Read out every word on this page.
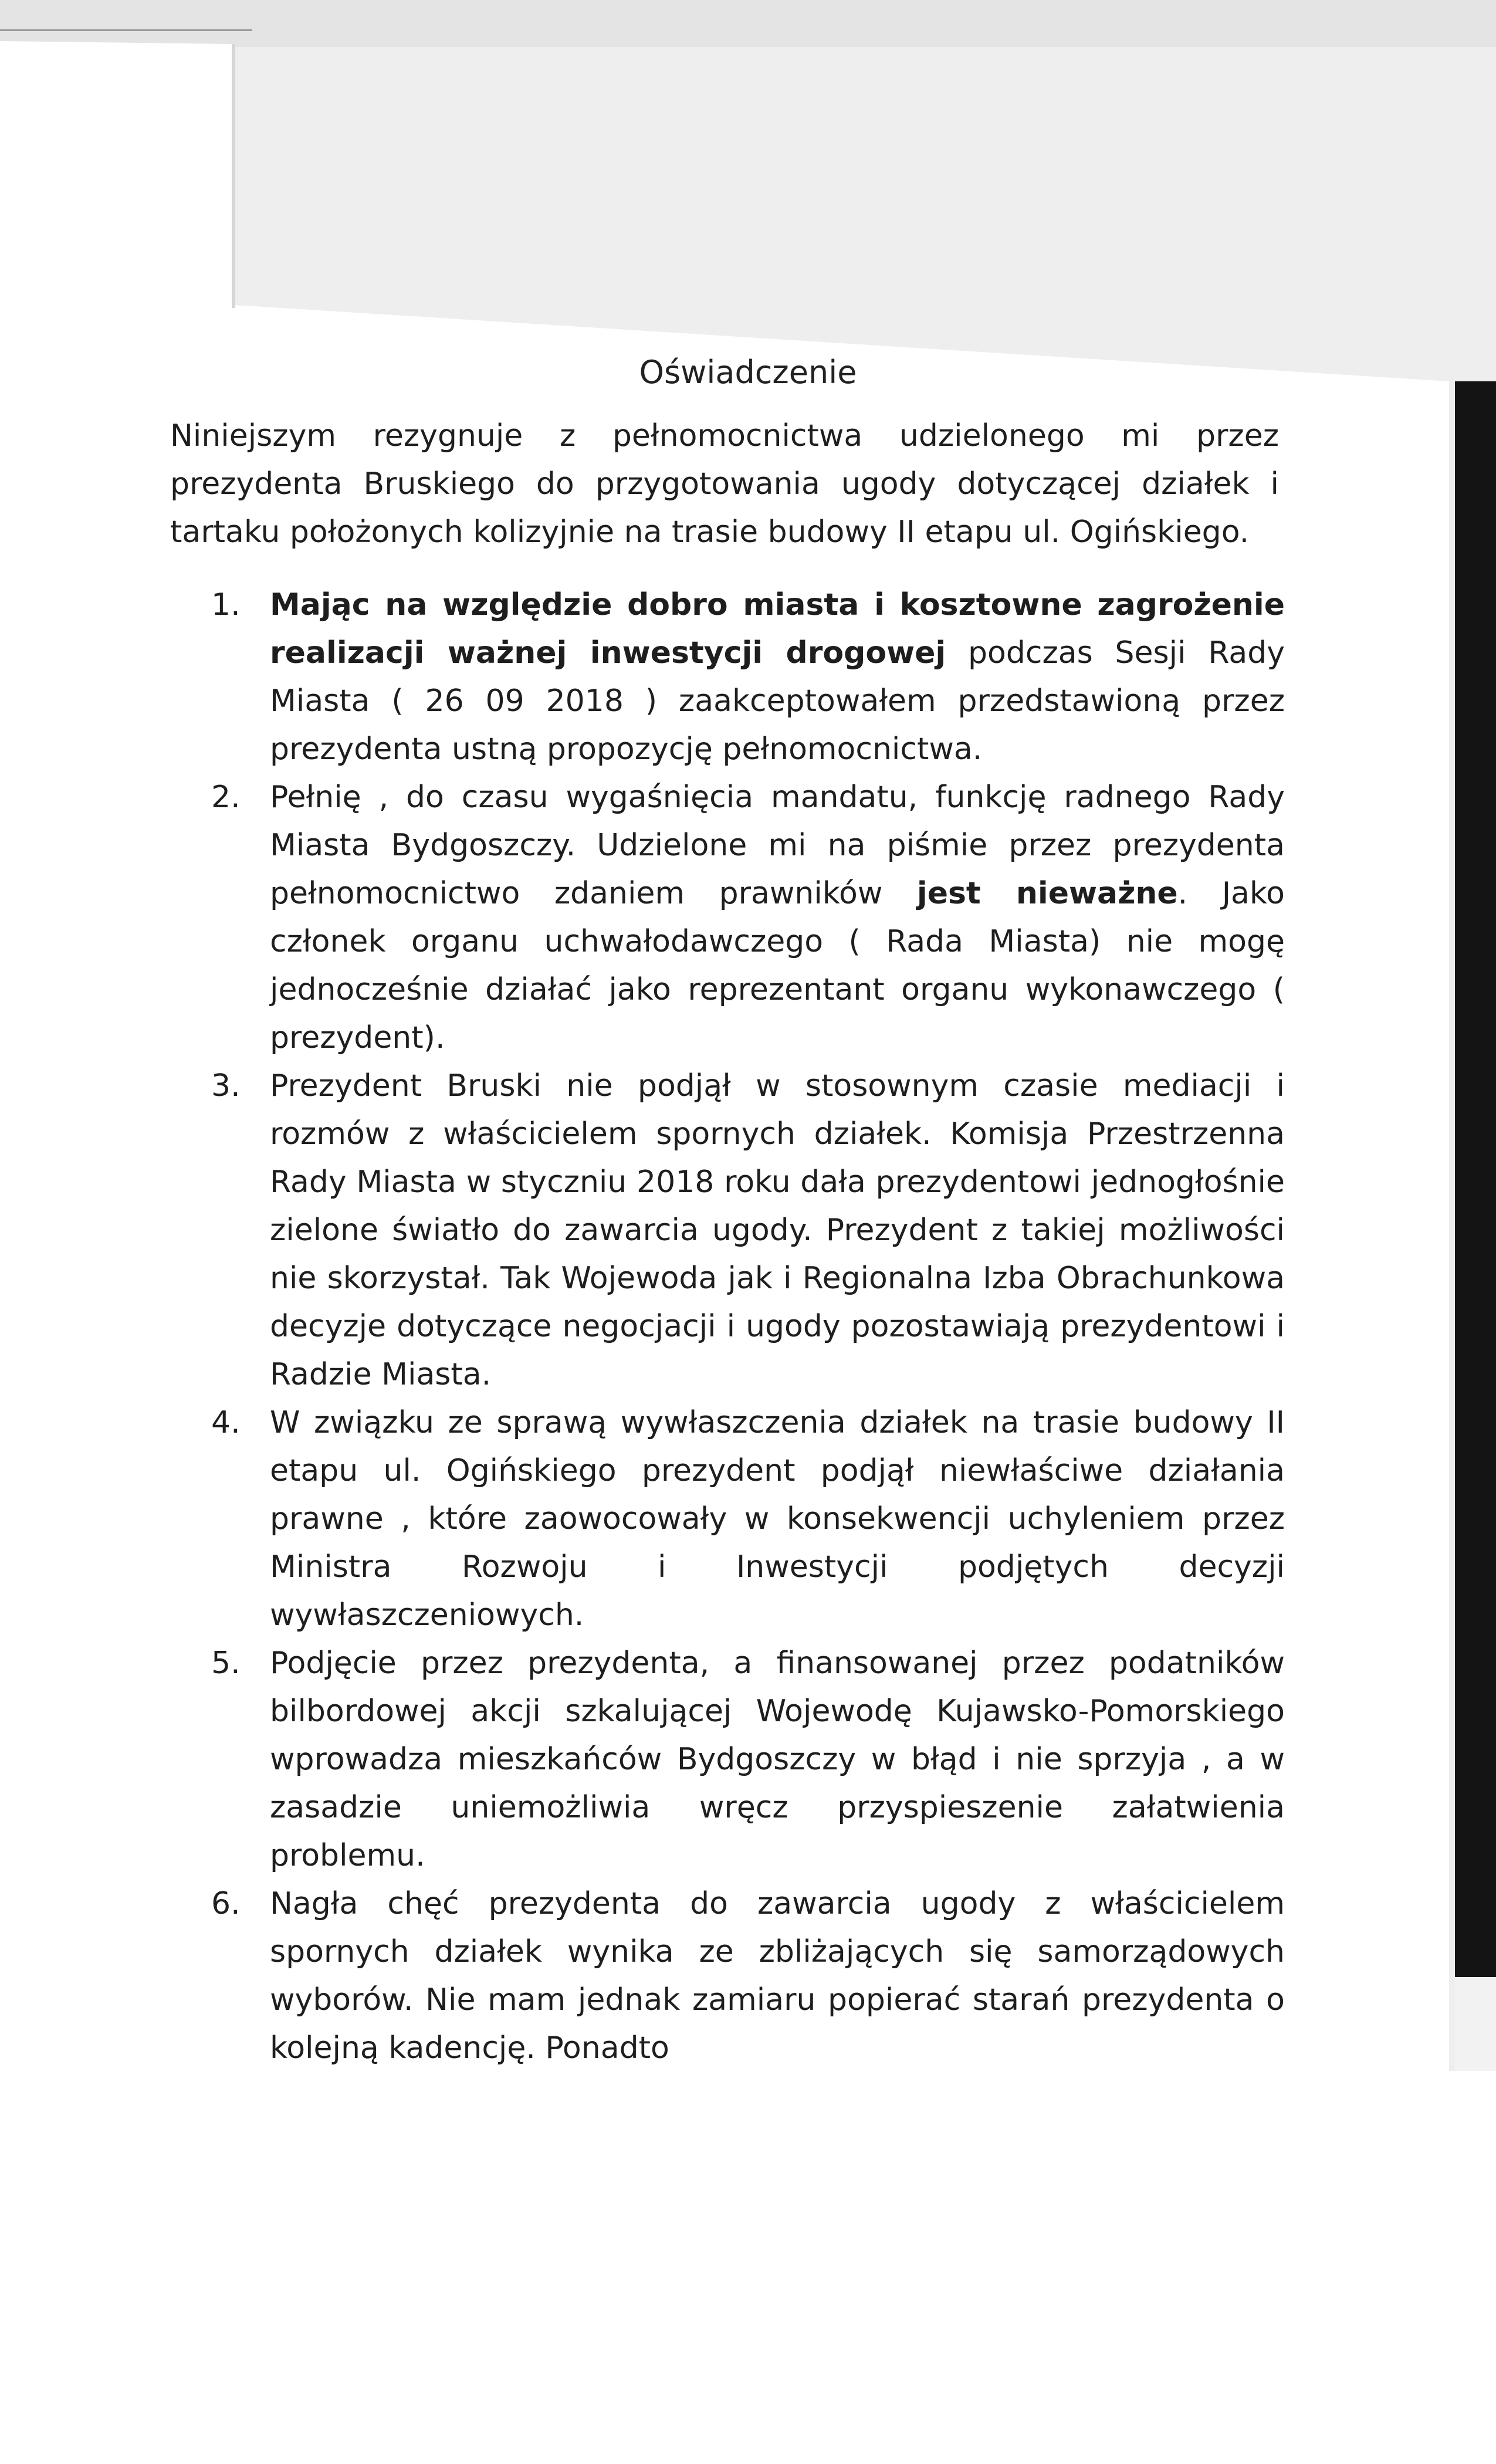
Oświadczenie
Niniejszym rezygnuje z pełnomocnictwa udzielonego mi przez prezydenta Bruskiego do przygotowania ugody dotyczącej działek i tartaku położonych kolizyjnie na trasie budowy II etapu ul. Ogińskiego.
1. Mając na względzie dobro miasta i kosztowne zagrożenie realizacji ważnej inwestycji drogowej podczas Sesji Rady Miasta ( 26 09 2018 ) zaakceptowałem przedstawioną przez prezydenta ustną propozycję pełnomocnictwa.
2. Pełnię , do czasu wygaśnięcia mandatu, funkcję radnego Rady Miasta Bydgoszczy. Udzielone mi na piśmie przez prezydenta pełnomocnictwo zdaniem prawników jest nieważne. Jako członek organu uchwałodawczego ( Rada Miasta) nie mogę jednocześnie działać jako reprezentant organu wykonawczego ( prezydent).
3. Prezydent Bruski nie podjął w stosownym czasie mediacji i rozmów z właścicielem spornych działek. Komisja Przestrzenna Rady Miasta w styczniu 2018 roku dała prezydentowi jednogłośnie zielone światło do zawarcia ugody. Prezydent z takiej możliwości nie skorzystał. Tak Wojewoda jak i Regionalna Izba Obrachunkowa decyzje dotyczące negocjacji i ugody pozostawiają prezydentowi i Radzie Miasta.
4. W związku ze sprawą wywłaszczenia działek na trasie budowy II etapu ul. Ogińskiego prezydent podjął niewłaściwe działania prawne , które zaowocowały w konsekwencji uchyleniem przez Ministra Rozwoju i Inwestycji podjętych decyzji wywłaszczeniowych.
5. Podjęcie przez prezydenta, a finansowanej przez podatników bilbordowej akcji szkalującej Wojewodę Kujawsko-Pomorskiego wprowadza mieszkańców Bydgoszczy w błąd i nie sprzyja , a w zasadzie uniemożliwia wręcz przyspieszenie załatwienia problemu.
6. Nagła chęć prezydenta do zawarcia ugody z właścicielem spornych działek wynika ze zbliżających się samorządowych wyborów. Nie mam jednak zamiaru popierać starań prezydenta o kolejną kadencję. Ponadto
